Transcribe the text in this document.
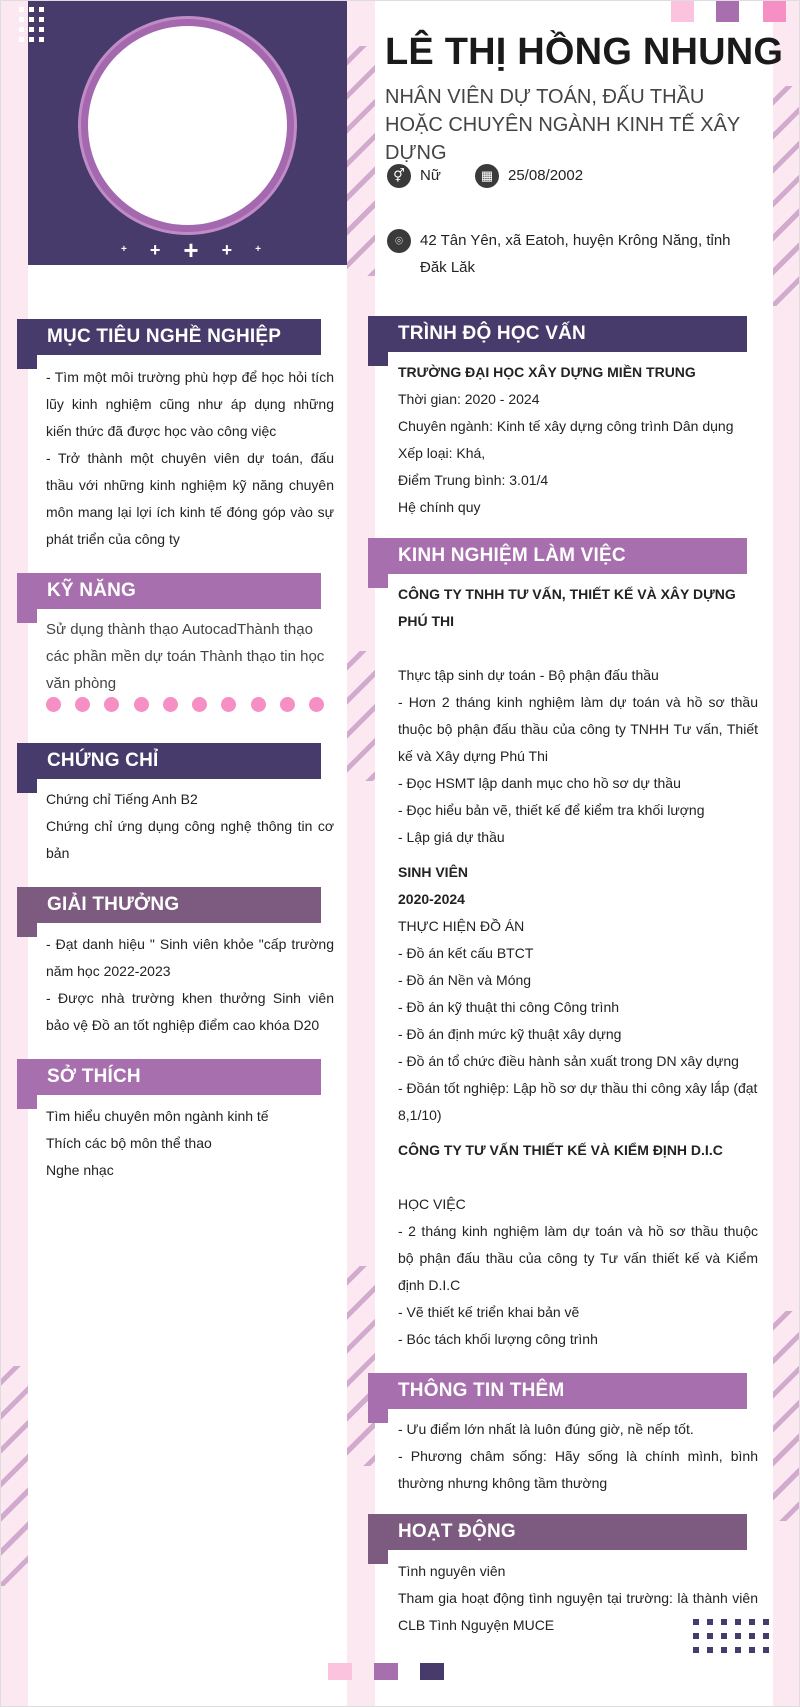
+ + + + +
LÊ THỊ HỒNG NHUNG
NHÂN VIÊN DỰ TOÁN, ĐẤU THẦU HOẶC CHUYÊN NGÀNH KINH TẾ XÂY DỰNG
⚥	Nữ	▦ 25/08/2002
⌾	42 Tân Yên, xã Eatoh, huyện Krông Năng, tỉnh Đăk Lăk
MỤC TIÊU NGHỀ NGHIỆP

- Tìm một môi trường phù hợp để học hỏi tích lũy kinh nghiệm cũng như áp dụng những kiến thức đã được học vào công việc

- Trở thành một chuyên viên dự toán, đấu thầu với những kinh nghiệm kỹ năng chuyên môn mang lại lợi ích kinh tế đóng góp vào sự phát triển của công ty

KỸ NĂNG
Sử dụng thành thạo AutocadThành thạo các phần mền dự toán Thành thạo tin học văn phòng
CHỨNG CHỈ

Chứng chỉ Tiếng Anh B2

Chứng chỉ ứng dụng công nghệ thông tin cơ bản

GIẢI THƯỞNG

- Đạt danh hiệu " Sinh viên khỏe "cấp trường năm học 2022-2023

- Được nhà trường khen thưởng Sinh viên bảo vệ Đồ an tốt nghiệp điểm cao khóa D20

SỞ THÍCH

Tìm hiểu chuyên môn ngành kinh tế

Thích các bộ môn thể thao

Nghe nhạc

TRÌNH ĐỘ HỌC VẤN

TRƯỜNG ĐẠI HỌC XÂY DỰNG MIỀN TRUNG

Thời gian: 2020 - 2024

Chuyên ngành: Kinh tế xây dựng công trình Dân dụng

Xếp loại: Khá,

Điểm Trung bình: 3.01/4

Hệ chính quy

KINH NGHIỆM LÀM VIỆC

CÔNG TY TNHH TƯ VẤN, THIẾT KẾ VÀ XÂY DỰNG PHÚ THI

Thực tập sinh dự toán - Bộ phận đấu thầu

- Hơn 2 tháng kinh nghiệm làm dự toán và hồ sơ thầu thuộc bộ phận đấu thầu của công ty TNHH Tư vấn, Thiết kế và Xây dựng Phú Thi

- Đọc HSMT lập danh mục cho hồ sơ dự thầu

- Đọc hiểu bản vẽ, thiết kế để kiểm tra khối lượng

- Lập giá dự thầu

SINH VIÊN

2020-2024

THỰC HIỆN ĐỒ ÁN

- Đồ án kết cấu BTCT

- Đồ án Nền và Móng

- Đồ án kỹ thuật thi công Công trình

- Đồ án định mức kỹ thuật xây dựng

- Đồ án tổ chức điều hành sản xuất trong DN xây dựng

- Đồán tốt nghiệp: Lập hồ sơ dự thầu thi công xây lắp (đạt 8,1/10)

CÔNG TY TƯ VẤN THIẾT KẾ VÀ KIỂM ĐỊNH D.I.C

HỌC VIỆC

- 2 tháng kinh nghiệm làm dự toán và hồ sơ thầu thuộc bộ phận đấu thầu của công ty Tư vấn thiết kế và Kiểm định D.I.C

- Vẽ thiết kế triển khai bản vẽ

- Bóc tách khối lượng công trình

THÔNG TIN THÊM

- Ưu điểm lớn nhất là luôn đúng giờ, nề nếp tốt.

- Phương châm sống: Hãy sống là chính mình, bình thường nhưng không tầm thường

HOẠT ĐỘNG

Tình nguyên viên

Tham gia hoạt động tình nguyện tại trường: là thành viên CLB Tình Nguyện MUCE
